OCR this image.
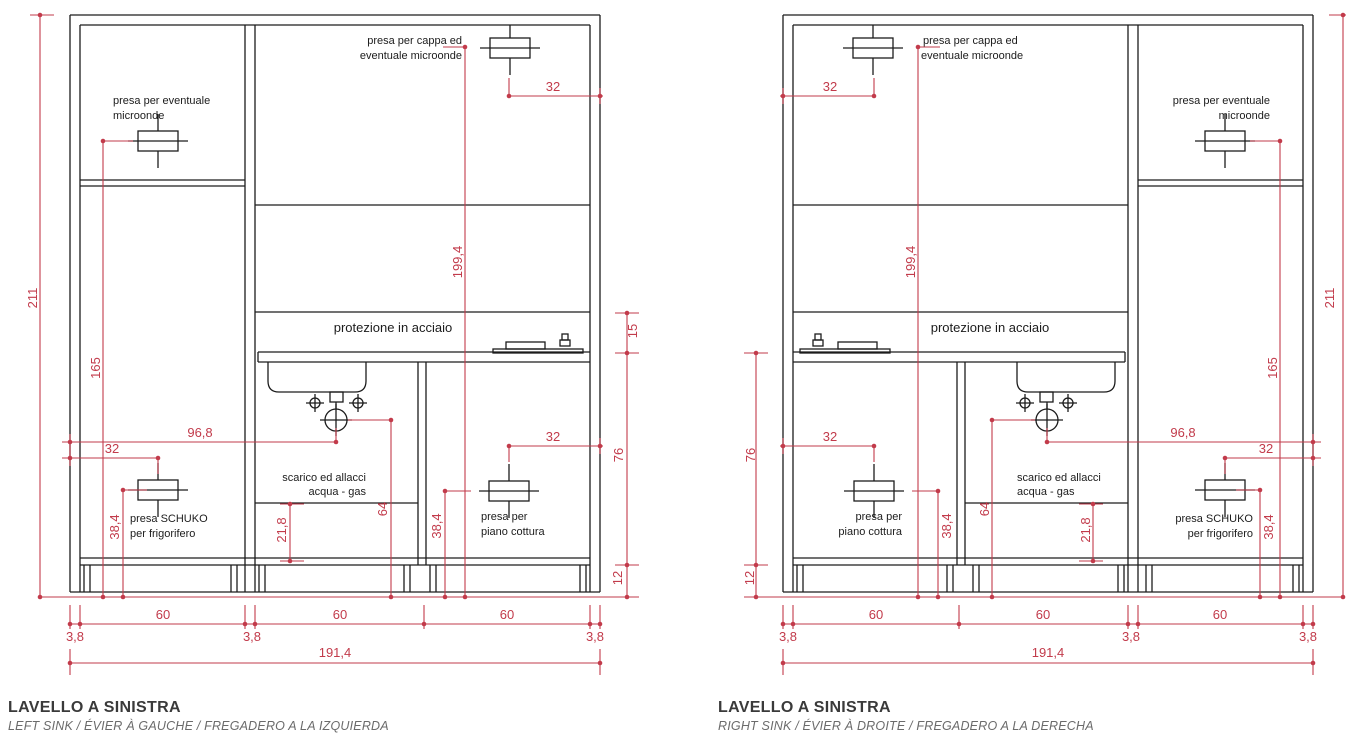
presa per eventuale
microonde
presa per cappa ed
eventuale microonde
protezione in acciaio
scarico ed allacci
acqua - gas
presa SCHUKO
per frigorifero
presa per
piano cottura
211
165
199,4
96,8
32
38,4
32
15
76
12
64
21,8	38,4
32
60	60	60
3,8	3,8	3,8
191,4
presa per eventuale
microonde
presa per cappa ed
eventuale microonde
protezione in acciaio
scarico ed allacci
acqua - gas
presa SCHUKO
per frigorifero
presa per
piano cottura
211
165
199,4
96,8
32
38,4
32
76
12
64
21,8
38,4
32
60
60
60
3,8
3,8
3,8
191,4
LAVELLO A SINISTRA
LEFT SINK / ÉVIER À GAUCHE / FREGADERO A LA IZQUIERDA
LAVELLO A SINISTRA
RIGHT SINK / ÉVIER À DROITE / FREGADERO A LA DERECHA
